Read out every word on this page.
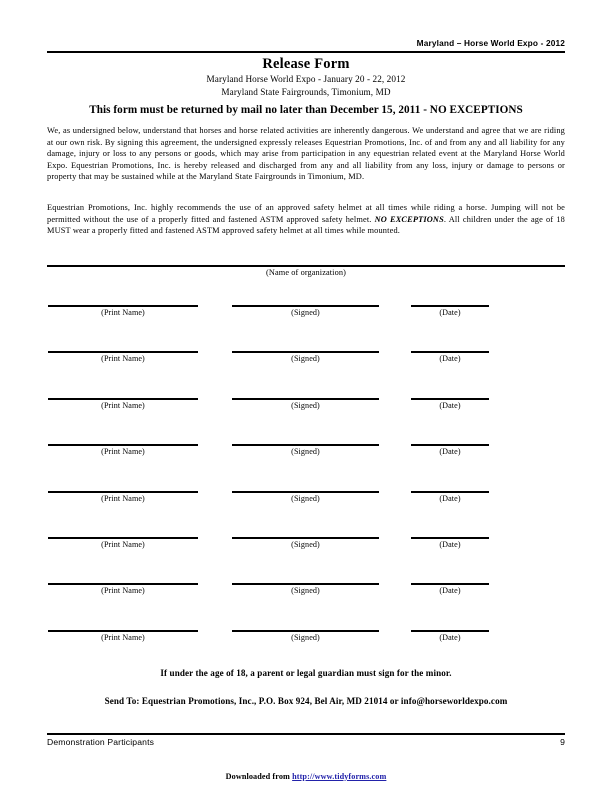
Maryland – Horse World Expo - 2012
Release Form
Maryland Horse World Expo - January 20 - 22, 2012
Maryland State Fairgrounds, Timonium, MD
This form must be returned by mail no later than December 15, 2011 - NO EXCEPTIONS
We, as undersigned below, understand that horses and horse related activities are inherently dangerous. We understand and agree that we are riding at our own risk. By signing this agreement, the undersigned expressly releases Equestrian Promotions, Inc. of and from any and all liability for any damage, injury or loss to any persons or goods, which may arise from participation in any equestrian related event at the Maryland Horse World Expo. Equestrian Promotions, Inc. is hereby released and discharged from any and all liability from any loss, injury or damage to persons or property that may be sustained while at the Maryland State Fairgrounds in Timonium, MD.
Equestrian Promotions, Inc. highly recommends the use of an approved safety helmet at all times while riding a horse. Jumping will not be permitted without the use of a properly fitted and fastened ASTM approved safety helmet. NO EXCEPTIONS. All children under the age of 18 MUST wear a properly fitted and fastened ASTM approved safety helmet at all times while mounted.
(Name of organization)
(Print Name)	(Signed)	(Date)
(Print Name)	(Signed)	(Date)
(Print Name)	(Signed)	(Date)
(Print Name)	(Signed)	(Date)
(Print Name)	(Signed)	(Date)
(Print Name)	(Signed)	(Date)
(Print Name)	(Signed)	(Date)
(Print Name)	(Signed)	(Date)
If under the age of 18, a parent or legal guardian must sign for the minor.
Send To: Equestrian Promotions, Inc., P.O. Box 924, Bel Air, MD 21014 or info@horseworldexpo.com
Demonstration Participants	9
Downloaded from http://www.tidyforms.com
